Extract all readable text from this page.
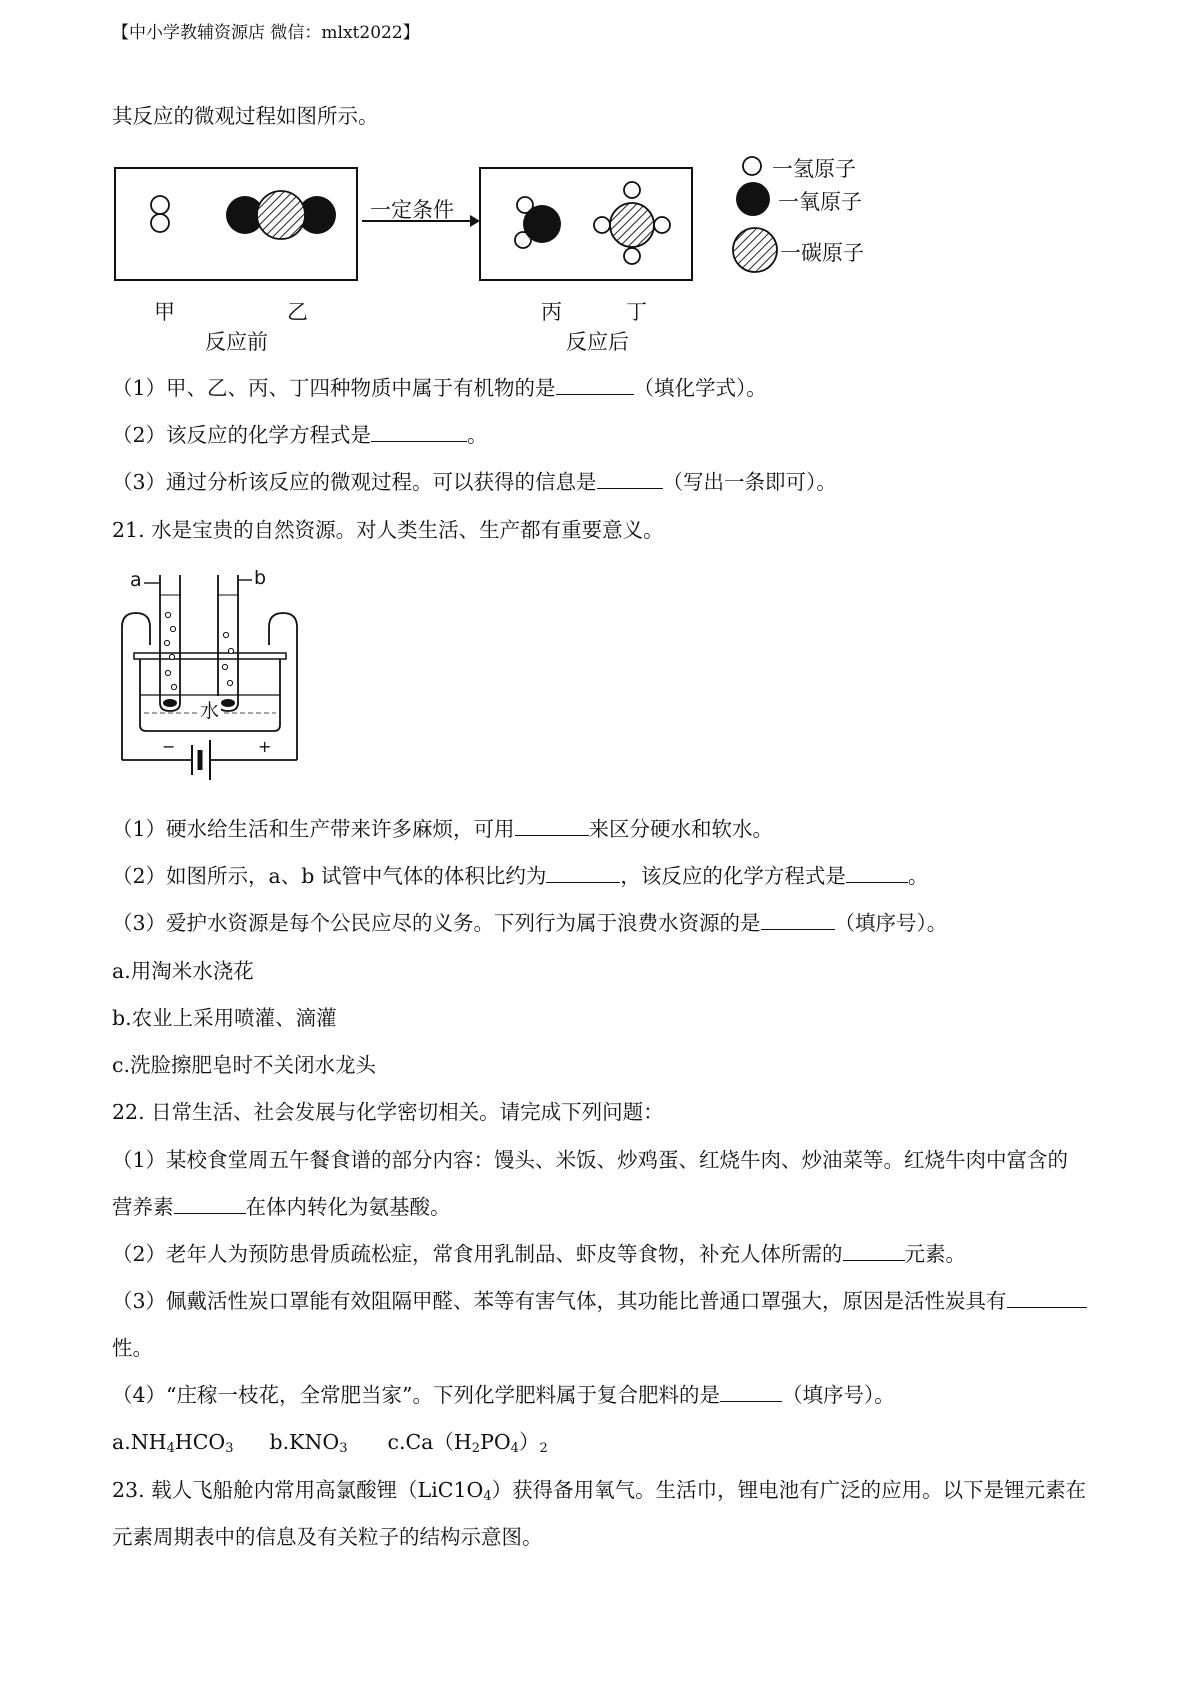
【中小学教辅资源店 微信：mlxt2022】
其反应的微观过程如图所示。
一定条件
一氢原子
一氧原子
一碳原子
甲	乙
反应前
丙	丁
反应后
（1）甲、乙、丙、丁四种物质中属于有机物的是	（填化学式）。
（2）该反应的化学方程式是	。
（3）通过分析该反应的微观过程。可以获得的信息是	（写出一条即可）。
21. 水是宝贵的自然资源。对人类生活、生产都有重要意义。
a	b
水
−	+
（1）硬水给生活和生产带来许多麻烦，可用	来区分硬水和软水。
（2）如图所示，a、b 试管中气体的体积比约为	，该反应的化学方程式是	。
（3）爱护水资源是每个公民应尽的义务。下列行为属于浪费水资源的是	（填序号）。
a.用淘米水浇花
b.农业上采用喷灌、滴灌
c.洗脸擦肥皂时不关闭水龙头
22. 日常生活、社会发展与化学密切相关。请完成下列问题：
（1）某校食堂周五午餐食谱的部分内容：馒头、米饭、炒鸡蛋、红烧牛肉、炒油菜等。红烧牛肉中富含的
营养素	在体内转化为氨基酸。
（2）老年人为预防患骨质疏松症，常食用乳制品、虾皮等食物，补充人体所需的	元素。
（3）佩戴活性炭口罩能有效阻隔甲醛、苯等有害气体，其功能比普通口罩强大，原因是活性炭具有
性。
（4）“庄稼一枝花，全常肥当家”。下列化学肥料属于复合肥料的是	（填序号）。
$a.NH_4HCO_3$ $b.KNO_3$ $c.Ca(H_2PO_4)_2$
23. 载人飞船舱内常用高氯酸锂$(LiC1O_4)$获得备用氧气。生活巾，锂电池有广泛的应用。以下是锂元素在
元素周期表中的信息及有关粒子的结构示意图。
